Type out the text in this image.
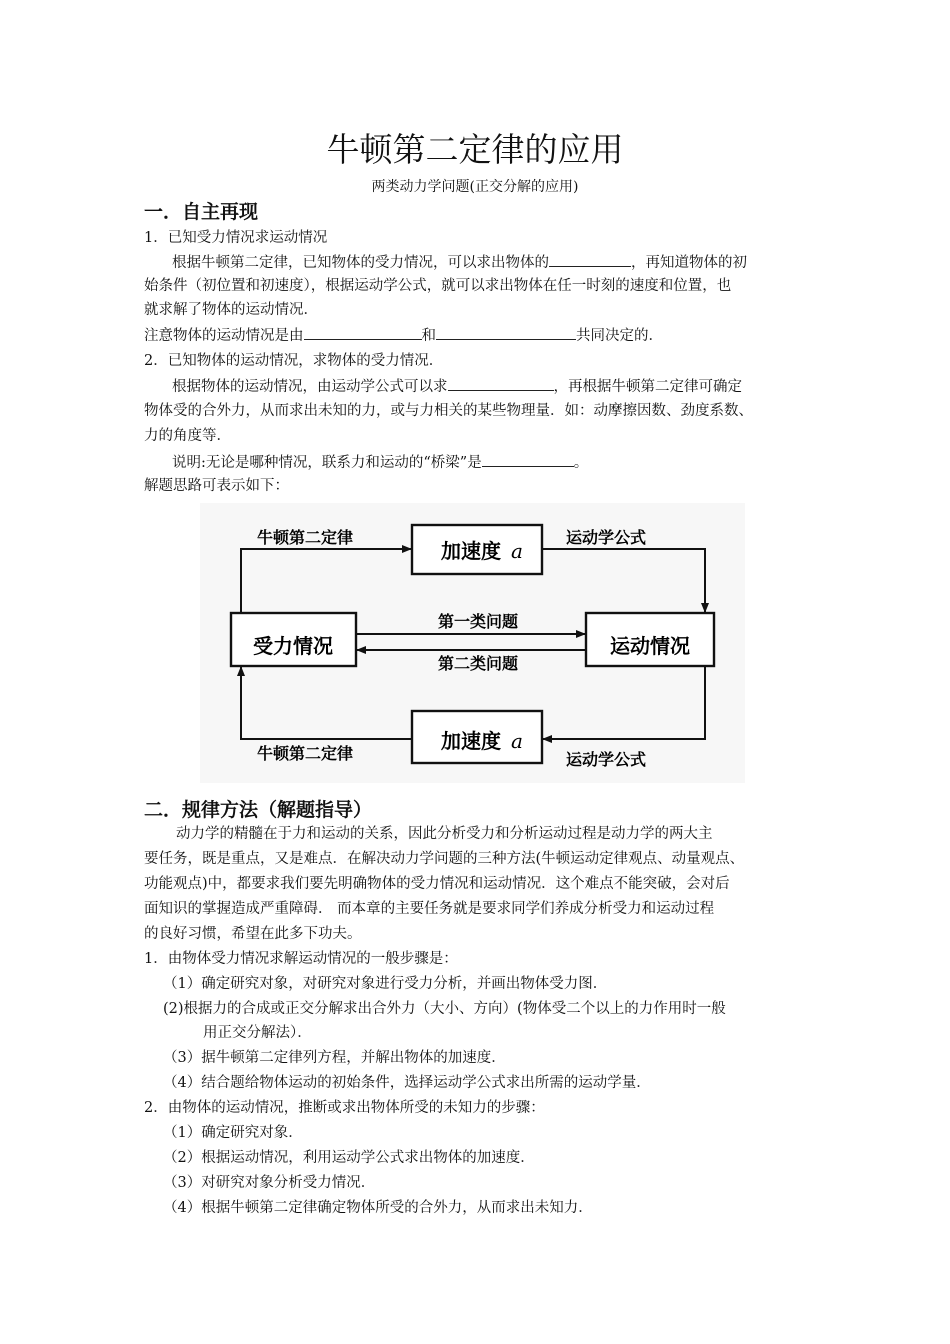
牛顿第二定律的应用
两类动力学问题(正交分解的应用)
一．自主再现
1．已知受力情况求运动情况
根据牛顿第二定律，已知物体的受力情况，可以求出物体的	，再知道物体的初
始条件（初位置和初速度），根据运动学公式，就可以求出物体在任一时刻的速度和位置，也
就求解了物体的运动情况．
注意物体的运动情况是由	和	共同决定的．
2．已知物体的运动情况，求物体的受力情况．
根据物体的运动情况，由运动学公式可以求	，再根据牛顿第二定律可确定
物体受的合外力，从而求出未知的力，或与力相关的某些物理量．如：动摩擦因数、劲度系数、
力的角度等．
说明:无论是哪种情况，联系力和运动的“桥梁”是	。
解题思路可表示如下：
受力情况	运动情况
加速度 a
加速度 a
牛顿第二定律	运动学公式
第一类问题
第二类问题
牛顿第二定律	运动学公式
二．规律方法（解题指导）
动力学的精髓在于力和运动的关系，因此分析受力和分析运动过程是动力学的两大主
要任务，既是重点，又是难点．在解决动力学问题的三种方法(牛顿运动定律观点、动量观点、
功能观点)中，都要求我们要先明确物体的受力情况和运动情况．这个难点不能突破，会对后
面知识的掌握造成严重障碍． 而本章的主要任务就是要求同学们养成分析受力和运动过程
的良好习惯，希望在此多下功夫。
1．由物体受力情况求解运动情况的一般步骤是：
（1）确定研究对象，对研究对象进行受力分析，并画出物体受力图．
(2)根据力的合成或正交分解求出合外力（大小、方向）(物体受二个以上的力作用时一般
用正交分解法）．
（3）据牛顿第二定律列方程，并解出物体的加速度．
（4）结合题给物体运动的初始条件，选择运动学公式求出所需的运动学量．
2．由物体的运动情况，推断或求出物体所受的未知力的步骤：
（1）确定研究对象．
（2）根据运动情况，利用运动学公式求出物体的加速度．
（3）对研究对象分析受力情况．
（4）根据牛顿第二定律确定物体所受的合外力，从而求出未知力．
